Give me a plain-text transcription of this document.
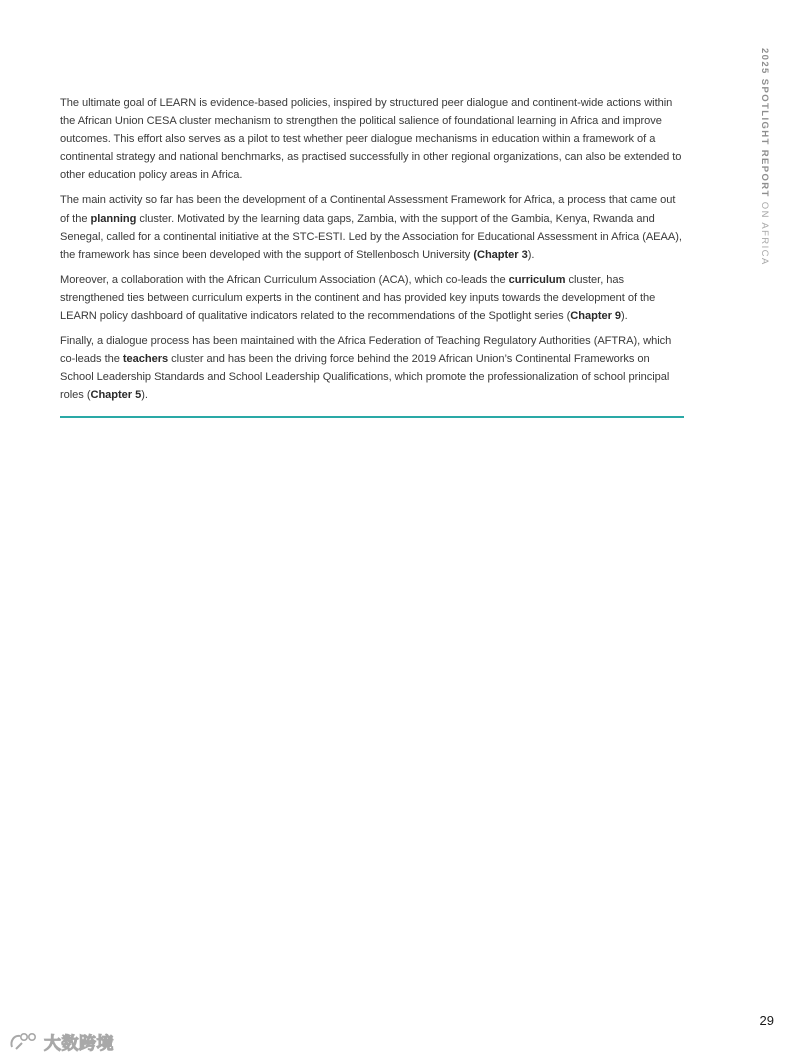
2025 SPOTLIGHT REPORT ON AFRICA

The ultimate goal of LEARN is evidence-based policies, inspired by structured peer dialogue and continent-wide actions within the African Union CESA cluster mechanism to strengthen the political salience of foundational learning in Africa and improve outcomes. This effort also serves as a pilot to test whether peer dialogue mechanisms in education within a framework of a continental strategy and national benchmarks, as practised successfully in other regional organizations, can also be extended to other education policy areas in Africa.

The main activity so far has been the development of a Continental Assessment Framework for Africa, a process that came out of the planning cluster. Motivated by the learning data gaps, Zambia, with the support of the Gambia, Kenya, Rwanda and Senegal, called for a continental initiative at the STC-ESTI. Led by the Association for Educational Assessment in Africa (AEAA), the framework has since been developed with the support of Stellenbosch University (Chapter 3).

Moreover, a collaboration with the African Curriculum Association (ACA), which co-leads the curriculum cluster, has strengthened ties between curriculum experts in the continent and has provided key inputs towards the development of the LEARN policy dashboard of qualitative indicators related to the recommendations of the Spotlight series (Chapter 9).

Finally, a dialogue process has been maintained with the Africa Federation of Teaching Regulatory Authorities (AFTRA), which co-leads the teachers cluster and has been the driving force behind the 2019 African Union’s Continental Frameworks on School Leadership Standards and School Leadership Qualifications, which promote the professionalization of school principal roles (Chapter 5).

29
大数跨境
